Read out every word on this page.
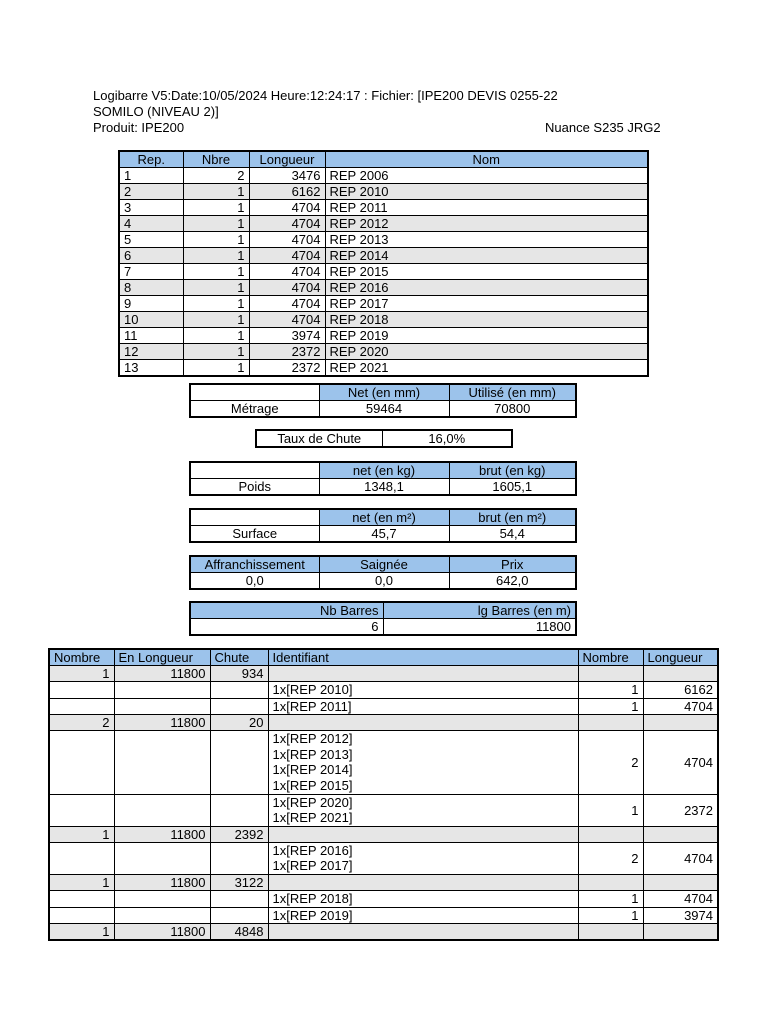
Logibarre V5:Date:10/05/2024 Heure:12:24:17 : Fichier: [IPE200 DEVIS 0255-22
SOMILO (NIVEAU 2)]
Produit: IPE200	Nuance S235 JRG2
Rep.	Nbre	Longueur	Nom
1	2	3476	REP 2006
2	1	6162	REP 2010
3	1	4704	REP 2011
4	1	4704	REP 2012
5	1	4704	REP 2013
6	1	4704	REP 2014
7	1	4704	REP 2015
8	1	4704	REP 2016
9	1	4704	REP 2017
10	1	4704	REP 2018
11	1	3974	REP 2019
12	1	2372	REP 2020
13	1	2372	REP 2021
	Net (en mm)	Utilisé (en mm)
Métrage	59464	70800
Taux de Chute	16,0%
	net (en kg)	brut (en kg)
Poids	1348,1	1605,1
	net (en m²)	brut (en m²)
Surface	45,7	54,4
Affranchissement	Saignée	Prix
0,0	0,0	642,0
Nb Barres	lg Barres (en m)
6	11800
Nombre	En Longueur	Chute	Identifiant	Nombre	Longueur
1	11800	934			

			1x[REP 2010]	1	6162

			1x[REP 2011]	1	4704
2	11800	20			

			1x[REP 2012]
1x[REP 2013]
1x[REP 2014]
1x[REP 2015]	2	4704

			1x[REP 2020]
1x[REP 2021]	1	2372
1	11800	2392			

			1x[REP 2016]
1x[REP 2017]	2	4704
1	11800	3122			

			1x[REP 2018]	1	4704

			1x[REP 2019]	1	3974
1	11800	4848			
